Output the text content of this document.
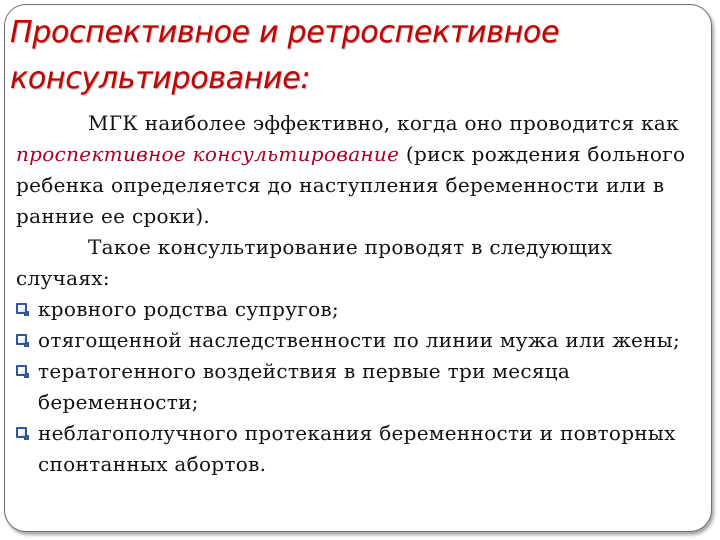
Проспективное и ретроспективное
консультирование:

МГК наиболее эффективно, когда оно проводится как проспективное консультирование (риск рождения больного ребенка определяется до наступления беременности или в ранние ее сроки).

Такое консультирование проводят в следующих случаях:

кровного родства супругов;
отягощенной наследственности по линии мужа или жены;
тератогенного воздействия в первые три месяца беременности;
неблагополучного протекания беременности и повторных спонтанных абортов.
